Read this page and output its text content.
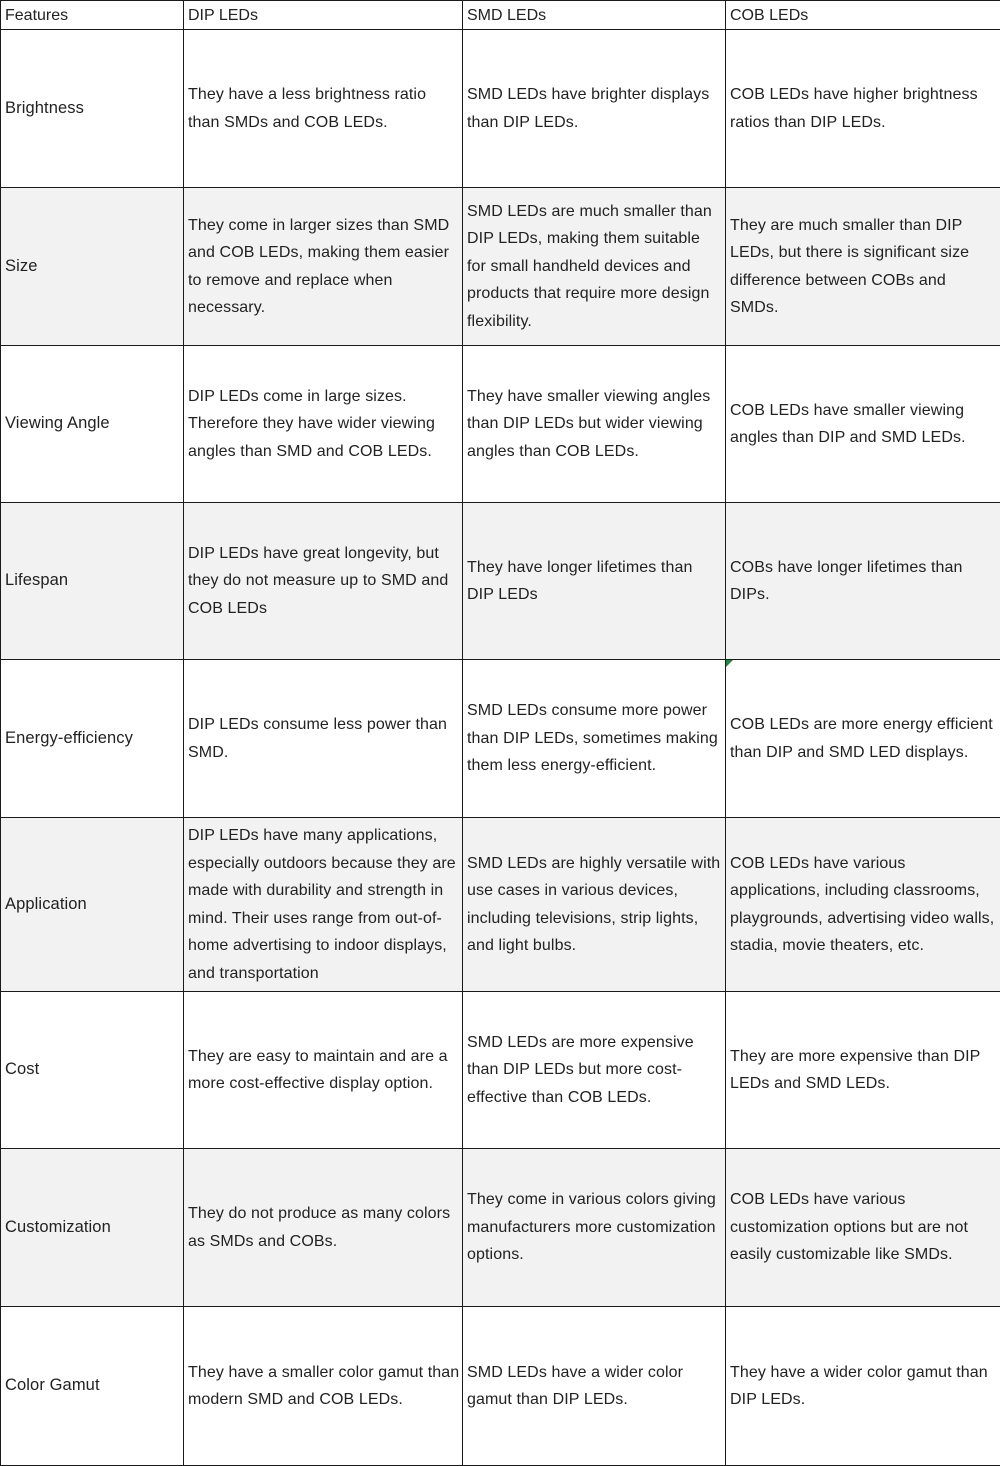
Features	DIP LEDs	SMD LEDs	COB LEDs
Brightness	They have a less brightness ratio than SMDs and COB LEDs.	SMD LEDs have brighter displays than DIP LEDs.	COB LEDs have higher brightness ratios than DIP LEDs.
Size	They come in larger sizes than SMD and COB LEDs, making them easier to remove and replace when necessary.	SMD LEDs are much smaller than DIP LEDs, making them suitable for small handheld devices and products that require more design flexibility.	They are much smaller than DIP LEDs, but there is significant size difference between COBs and SMDs.
Viewing Angle	DIP LEDs come in large sizes. Therefore they have wider viewing angles than SMD and COB LEDs.	They have smaller viewing angles than DIP LEDs but wider viewing angles than COB LEDs.	COB LEDs have smaller viewing angles than DIP and SMD LEDs.
Lifespan	DIP LEDs have great longevity, but they do not measure up to SMD and COB LEDs	They have longer lifetimes than DIP LEDs	COBs have longer lifetimes than DIPs.
Energy-efficiency	DIP LEDs consume less power than SMD.	SMD LEDs consume more power than DIP LEDs, sometimes making them less energy-efficient.	COB LEDs are more energy efficient than DIP and SMD LED displays.
Application	DIP LEDs have many applications, especially outdoors because they are made with durability and strength in mind. Their uses range from out-of-home advertising to indoor displays, and transportation	SMD LEDs are highly versatile with use cases in various devices, including televisions, strip lights, and light bulbs.	COB LEDs have various applications, including classrooms, playgrounds, advertising video walls, stadia, movie theaters, etc.
Cost	They are easy to maintain and are a more cost-effective display option.	SMD LEDs are more expensive than DIP LEDs but more cost-effective than COB LEDs.	They are more expensive than DIP LEDs and SMD LEDs.
Customization	They do not produce as many colors as SMDs and COBs.	They come in various colors giving manufacturers more customization options.	COB LEDs have various customization options but are not easily customizable like SMDs.
Color Gamut	They have a smaller color gamut than modern SMD and COB LEDs.	SMD LEDs have a wider color gamut than DIP LEDs.	They have a wider color gamut than DIP LEDs.
